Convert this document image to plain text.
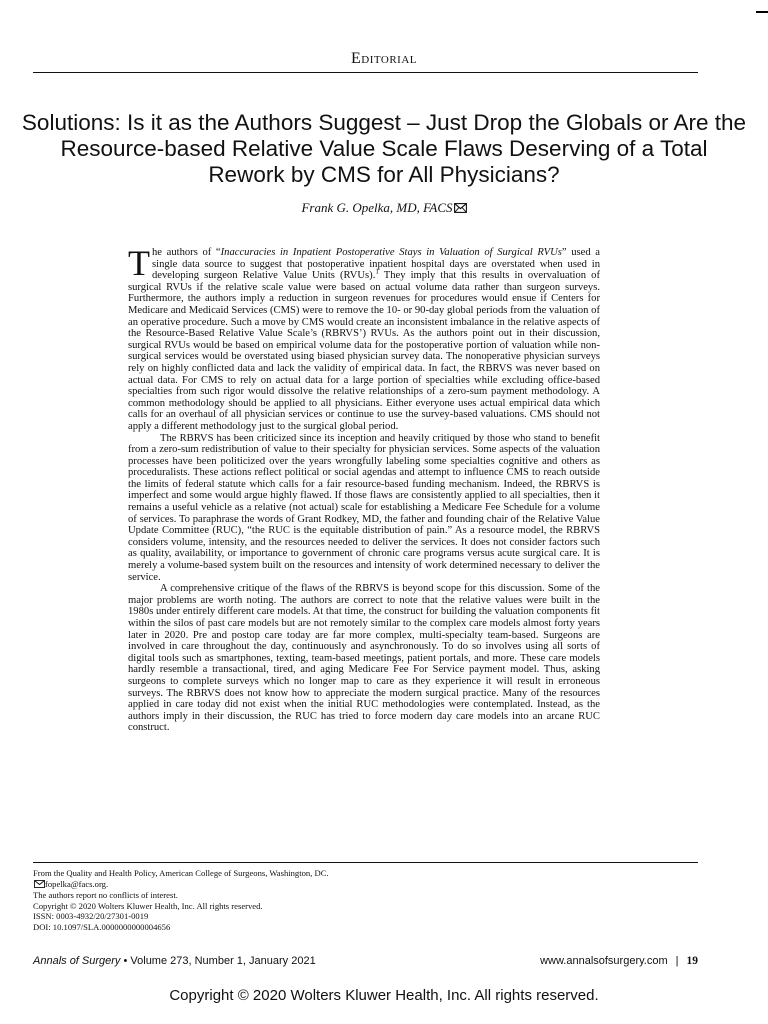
Editorial
Solutions: Is it as the Authors Suggest – Just Drop the Globals or Are the Resource-based Relative Value Scale Flaws Deserving of a Total Rework by CMS for All Physicians?
Frank G. Opelka, MD, FACS

The authors of “Inaccuracies in Inpatient Postoperative Stays in Valuation of Surgical RVUs” used a single data source to suggest that postoperative inpatient hospital days are overstated when used in developing surgeon Relative Value Units (RVUs).$^1$ They imply that this results in overvaluation of surgical RVUs if the relative scale value were based on actual volume data rather than surgeon surveys. Furthermore, the authors imply a reduction in surgeon revenues for procedures would ensue if Centers for Medicare and Medicaid Services (CMS) were to remove the 10- or 90-day global periods from the valuation of an operative procedure. Such a move by CMS would create an inconsistent imbalance in the relative aspects of the Resource-Based Relative Value Scale’s (RBRVS’) RVUs. As the authors point out in their discussion, surgical RVUs would be based on empirical volume data for the postoperative portion of valuation while non-surgical services would be overstated using biased physician survey data. The nonoperative physician surveys rely on highly conflicted data and lack the validity of empirical data. In fact, the RBRVS was never based on actual data. For CMS to rely on actual data for a large portion of specialties while excluding office-based specialties from such rigor would dissolve the relative relationships of a zero-sum payment methodology. A common methodology should be applied to all physicians. Either everyone uses actual empirical data which calls for an overhaul of all physician services or continue to use the survey-based valuations. CMS should not apply a different methodology just to the surgical global period.

The RBRVS has been criticized since its inception and heavily critiqued by those who stand to benefit from a zero-sum redistribution of value to their specialty for physician services. Some aspects of the valuation processes have been politicized over the years wrongfully labeling some specialties cognitive and others as proceduralists. These actions reflect political or social agendas and attempt to influence CMS to reach outside the limits of federal statute which calls for a fair resource-based funding mechanism. Indeed, the RBRVS is imperfect and some would argue highly flawed. If those flaws are consistently applied to all specialties, then it remains a useful vehicle as a relative (not actual) scale for establishing a Medicare Fee Schedule for a volume of services. To paraphrase the words of Grant Rodkey, MD, the father and founding chair of the Relative Value Update Committee (RUC), “the RUC is the equitable distribution of pain.” As a resource model, the RBRVS considers volume, intensity, and the resources needed to deliver the services. It does not consider factors such as quality, availability, or importance to government of chronic care programs versus acute surgical care. It is merely a volume-based system built on the resources and intensity of work determined necessary to deliver the service.

A comprehensive critique of the flaws of the RBRVS is beyond scope for this discussion. Some of the major problems are worth noting. The authors are correct to note that the relative values were built in the 1980s under entirely different care models. At that time, the construct for building the valuation components fit within the silos of past care models but are not remotely similar to the complex care models almost forty years later in 2020. Pre and postop care today are far more complex, multi-specialty team-based. Surgeons are involved in care throughout the day, continuously and asynchronously. To do so involves using all sorts of digital tools such as smartphones, texting, team-based meetings, patient portals, and more. These care models hardly resemble a transactional, tired, and aging Medicare Fee For Service payment model. Thus, asking surgeons to complete surveys which no longer map to care as they experience it will result in erroneous surveys. The RBRVS does not know how to appreciate the modern surgical practice. Many of the resources applied in care today did not exist when the initial RUC methodologies were contemplated. Instead, as the authors imply in their discussion, the RUC has tried to force modern day care models into an arcane RUC construct.

From the Quality and Health Policy, American College of Surgeons, Washington, DC.
fopelka@facs.org.
The authors report no conflicts of interest.
Copyright © 2020 Wolters Kluwer Health, Inc. All rights reserved.
ISSN: 0003-4932/20/27301-0019
DOI: 10.1097/SLA.0000000000004656
Annals of Surgery • Volume 273, Number 1, January 2021	www.annalsofsurgery.com | 19
Copyright © 2020 Wolters Kluwer Health, Inc. All rights reserved.
